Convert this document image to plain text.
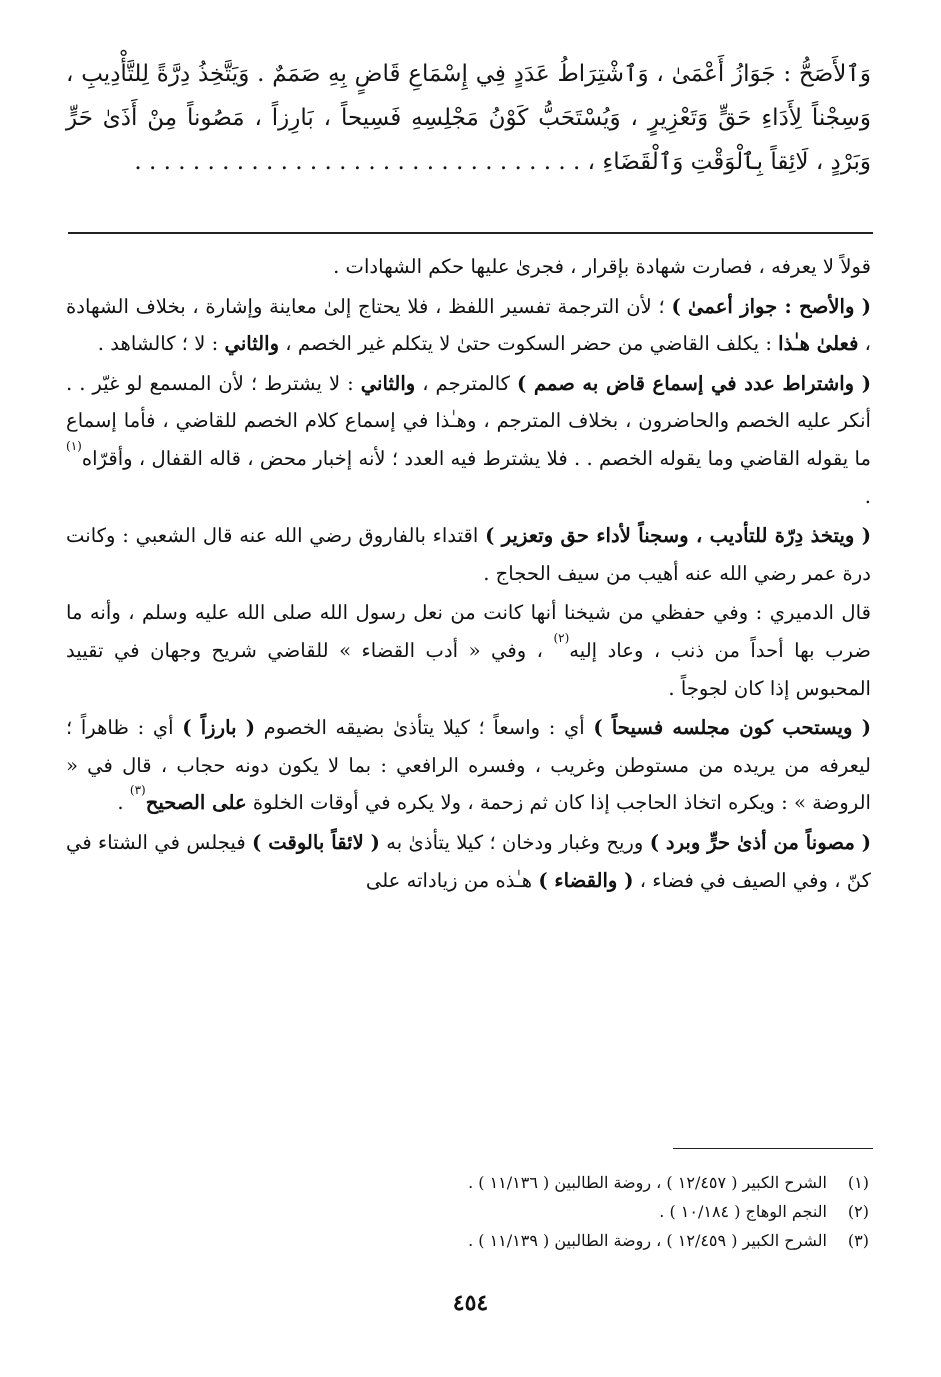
وَٱلأَصَحُّ : جَوَازُ أَعْمَىٰ ، وَٱشْتِرَاطُ عَدَدٍ فِي إِسْمَاعِ قَاضٍ بِهِ صَمَمٌ . وَيَتَّخِذُ دِرَّةً لِلتَّأْدِيبِ ، وَسِجْناً لِأَدَاءِ حَقٍّ وَتَعْزِيرٍ ، وَيُسْتَحَبُّ كَوْنُ مَجْلِسِهِ فَسِيحاً ، بَارِزاً ، مَصُوناً مِنْ أَذَىٰ حَرٍّ وَبَرْدٍ ، لَائِقاً بِٱلْوَقْتِ وَٱلْقَضَاءِ ، . . . . . . . . . . . . . . . . . . . . . . . . . . . . . . .

قولاً لا يعرفه ، فصارت شهادة بإقرار ، فجرىٰ عليها حكم الشهادات .

( والأصح : جواز أعمىٰ ) ؛ لأن الترجمة تفسير اللفظ ، فلا يحتاج إلىٰ معاينة وإشارة ، بخلاف الشهادة ، فعلىٰ هـٰذا : يكلف القاضي من حضر السكوت حتىٰ لا يتكلم غير الخصم ، والثاني : لا ؛ كالشاهد .

( واشتراط عدد في إسماع قاض به صمم ) كالمترجم ، والثاني : لا يشترط ؛ لأن المسمع لو غيّر . . أنكر عليه الخصم والحاضرون ، بخلاف المترجم ، وهـٰذا في إسماع كلام الخصم للقاضي ، فأما إسماع ما يقوله القاضي وما يقوله الخصم . . فلا يشترط فيه العدد ؛ لأنه إخبار محض ، قاله القفال ، وأقرّاه$^{(١)}$ .

( ويتخذ دِرّة للتأديب ، وسجناً لأداء حق وتعزير ) اقتداء بالفاروق رضي الله عنه قال الشعبي : وكانت درة عمر رضي الله عنه أهيب من سيف الحجاج .

قال الدميري : وفي حفظي من شيخنا أنها كانت من نعل رسول الله صلى الله عليه وسلم ، وأنه ما ضرب بها أحداً من ذنب ، وعاد إليه$^{(٢)}$ ، وفي « أدب القضاء » للقاضي شريح وجهان في تقييد المحبوس إذا كان لجوجاً .

( ويستحب كون مجلسه فسيحاً ) أي : واسعاً ؛ كيلا يتأذىٰ بضيقه الخصوم ( بارزاً ) أي : ظاهراً ؛ ليعرفه من يريده من مستوطن وغريب ، وفسره الرافعي : بما لا يكون دونه حجاب ، قال في « الروضة » : ويكره اتخاذ الحاجب إذا كان ثم زحمة ، ولا يكره في أوقات الخلوة على الصحيح$^{(٣)}$ .

( مصوناً من أذىٰ حرٍّ وبرد ) وريح وغبار ودخان ؛ كيلا يتأذىٰ به ( لائقاً بالوقت ) فيجلس في الشتاء في كنّ ، وفي الصيف في فضاء ، ( والقضاء ) هـٰذه من زياداته على

(١)الشرح الكبير ( ١٢/٤٥٧ ) ، روضة الطالبين ( ١١/١٣٦ ) .
(٢)النجم الوهاج ( ١٠/١٨٤ ) .
(٣)الشرح الكبير ( ١٢/٤٥٩ ) ، روضة الطالبين ( ١١/١٣٩ ) .
٤٥٤
